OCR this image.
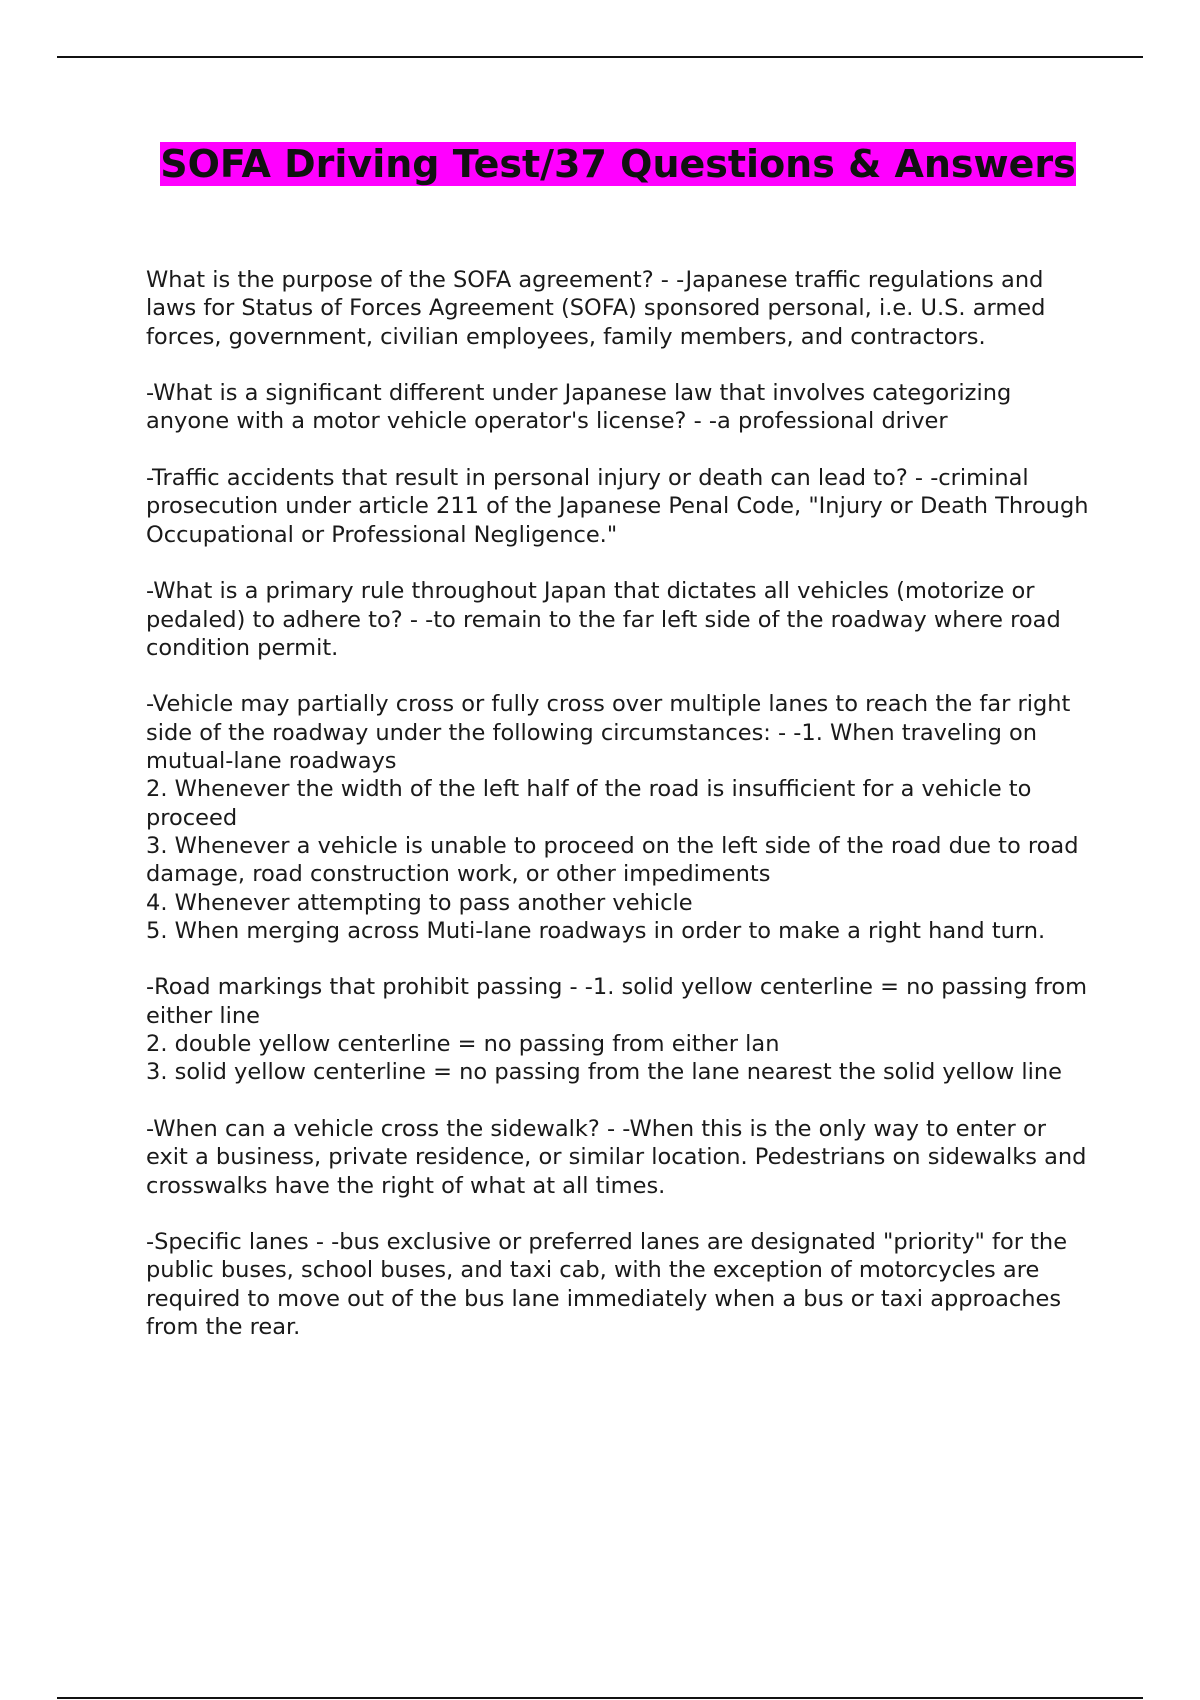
SOFA Driving Test/37 Questions & Answers

What is the purpose of the SOFA agreement? - -Japanese traffic regulations and laws for Status of Forces Agreement (SOFA) sponsored personal, i.e. U.S. armed forces, government, civilian employees, family members, and contractors.

-What is a significant different under Japanese law that involves categorizing anyone with a motor vehicle operator's license? - -a professional driver

-Traffic accidents that result in personal injury or death can lead to? - -criminal prosecution under article 211 of the Japanese Penal Code, "Injury or Death Through Occupational or Professional Negligence."

-What is a primary rule throughout Japan that dictates all vehicles (motorize or pedaled) to adhere to? - -to remain to the far left side of the roadway where road condition permit.

-Vehicle may partially cross or fully cross over multiple lanes to reach the far right side of the roadway under the following circumstances: - -1. When traveling on mutual-lane roadways
2. Whenever the width of the left half of the road is insufficient for a vehicle to proceed
3. Whenever a vehicle is unable to proceed on the left side of the road due to road damage, road construction work, or other impediments
4. Whenever attempting to pass another vehicle
5. When merging across Muti-lane roadways in order to make a right hand turn.

-Road markings that prohibit passing - -1. solid yellow centerline = no passing from either line
2. double yellow centerline = no passing from either lan
3. solid yellow centerline = no passing from the lane nearest the solid yellow line

-When can a vehicle cross the sidewalk? - -When this is the only way to enter or exit a business, private residence, or similar location. Pedestrians on sidewalks and crosswalks have the right of what at all times.

-Specific lanes - -bus exclusive or preferred lanes are designated "priority" for the public buses, school buses, and taxi cab, with the exception of motorcycles are required to move out of the bus lane immediately when a bus or taxi approaches from the rear.
